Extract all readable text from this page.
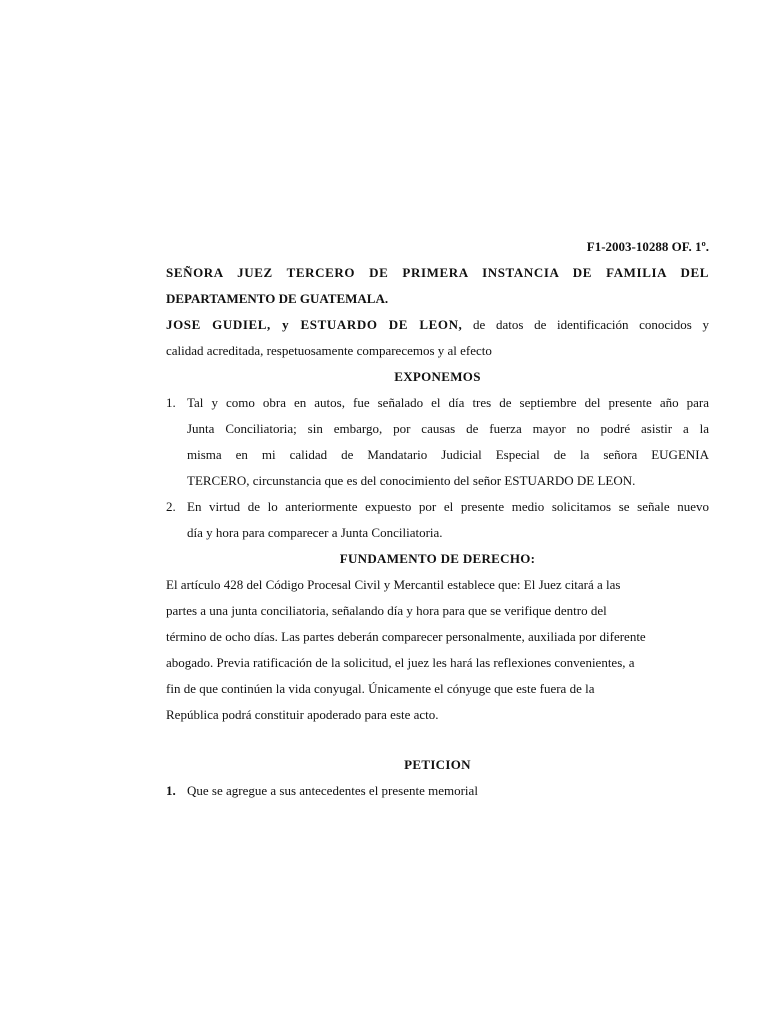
F1-2003-10288 OF. 1º.
SEÑORA JUEZ TERCERO DE PRIMERA INSTANCIA DE FAMILIA DEL
DEPARTAMENTO DE GUATEMALA.
JOSE GUDIEL, y ESTUARDO DE LEON, de datos de identificación conocidos y
calidad acreditada, respetuosamente comparecemos y al efecto
EXPONEMOS
1. Tal y como obra en autos, fue señalado el día tres de septiembre del presente año para
Junta Conciliatoria; sin embargo, por causas de fuerza mayor no podré asistir a la
misma en mi calidad de Mandatario Judicial Especial de la señora EUGENIA
TERCERO, circunstancia que es del conocimiento del señor ESTUARDO DE LEON.
2. En virtud de lo anteriormente expuesto por el presente medio solicitamos se señale nuevo
día y hora para comparecer a Junta Conciliatoria.
FUNDAMENTO DE DERECHO:
El artículo 428 del Código Procesal Civil y Mercantil establece que: El Juez citará a las
partes a una junta conciliatoria, señalando día y hora para que se verifique dentro del
término de ocho días. Las partes deberán comparecer personalmente, auxiliada por diferente
abogado. Previa ratificación de la solicitud, el juez les hará las reflexiones convenientes, a
fin de que continúen la vida conyugal. Únicamente el cónyuge que este fuera de la
República podrá constituir apoderado para este acto.
PETICION
1. Que se agregue a sus antecedentes el presente memorial
